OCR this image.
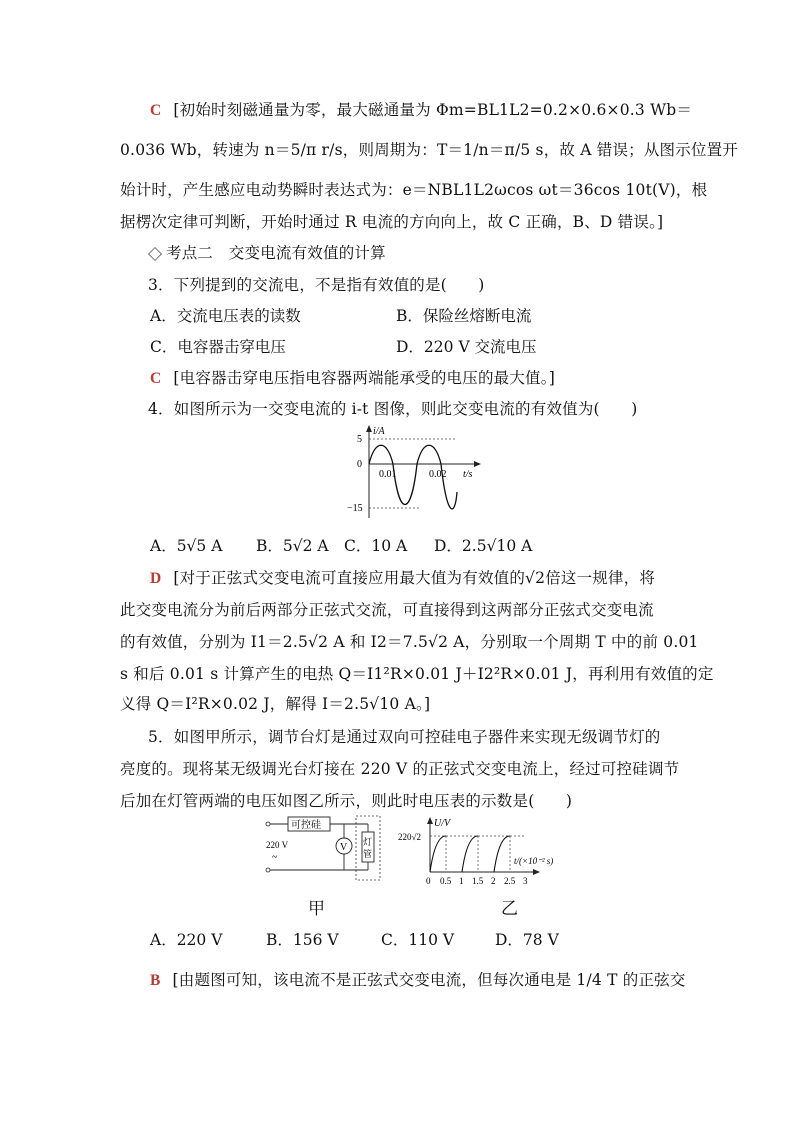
C [初始时刻磁通量为零，最大磁通量为 Φm=BL1L2=0.2×0.6×0.3 Wb＝
0.036 Wb，转速为 n＝5/π r/s，则周期为：T＝1/n＝π/5 s，故 A 错误；从图示位置开
始计时，产生感应电动势瞬时表达式为：e＝NBL1L2ωcos ωt＝36cos 10t(V)，根
据楞次定律可判断，开始时通过 R 电流的方向向上，故 C 正确，B、D 错误。]
考点二　交变电流有效值的计算
3．下列提到的交流电，不是指有效值的是(　　)
A．交流电压表的读数	B．保险丝熔断电流
C．电容器击穿电压	D．220 V 交流电压
C [电容器击穿电压指电容器两端能承受的电压的最大值。]
4．如图所示为一交变电流的 i-t 图像，则此交变电流的有效值为(　　)
i/A
5
0
−15
0.01	0.02 t/s
A．5√5 A B．5√2 A C．10 A D．2.5√10 A
D [对于正弦式交变电流可直接应用最大值为有效值的√2倍这一规律，将
此交变电流分为前后两部分正弦式交流，可直接得到这两部分正弦式交变电流
的有效值，分别为 I1＝2.5√2 A 和 I2＝7.5√2 A，分别取一个周期 T 中的前 0.01
s 和后 0.01 s 计算产生的电热 Q＝I1²R×0.01 J＋I2²R×0.01 J，再利用有效值的定
义得 Q＝I²R×0.02 J，解得 I＝2.5√10 A。]
5．如图甲所示，调节台灯是通过双向可控硅电子器件来实现无级调节灯的
亮度的。现将某无级调光台灯接在 220 V 的正弦式交变电流上，经过可控硅调节
后加在灯管两端的电压如图乙所示，则此时电压表的示数是(　　)
可控硅
220 V
~
V 灯
管
U/V
220√2
t/(×10⁻² s)
0 0.5 1 1.5 2 2.5 3
甲	乙
A．220 V	B．156 V	C．110 V	D．78 V
B [由题图可知，该电流不是正弦式交变电流，但每次通电是 1/4 T 的正弦交
